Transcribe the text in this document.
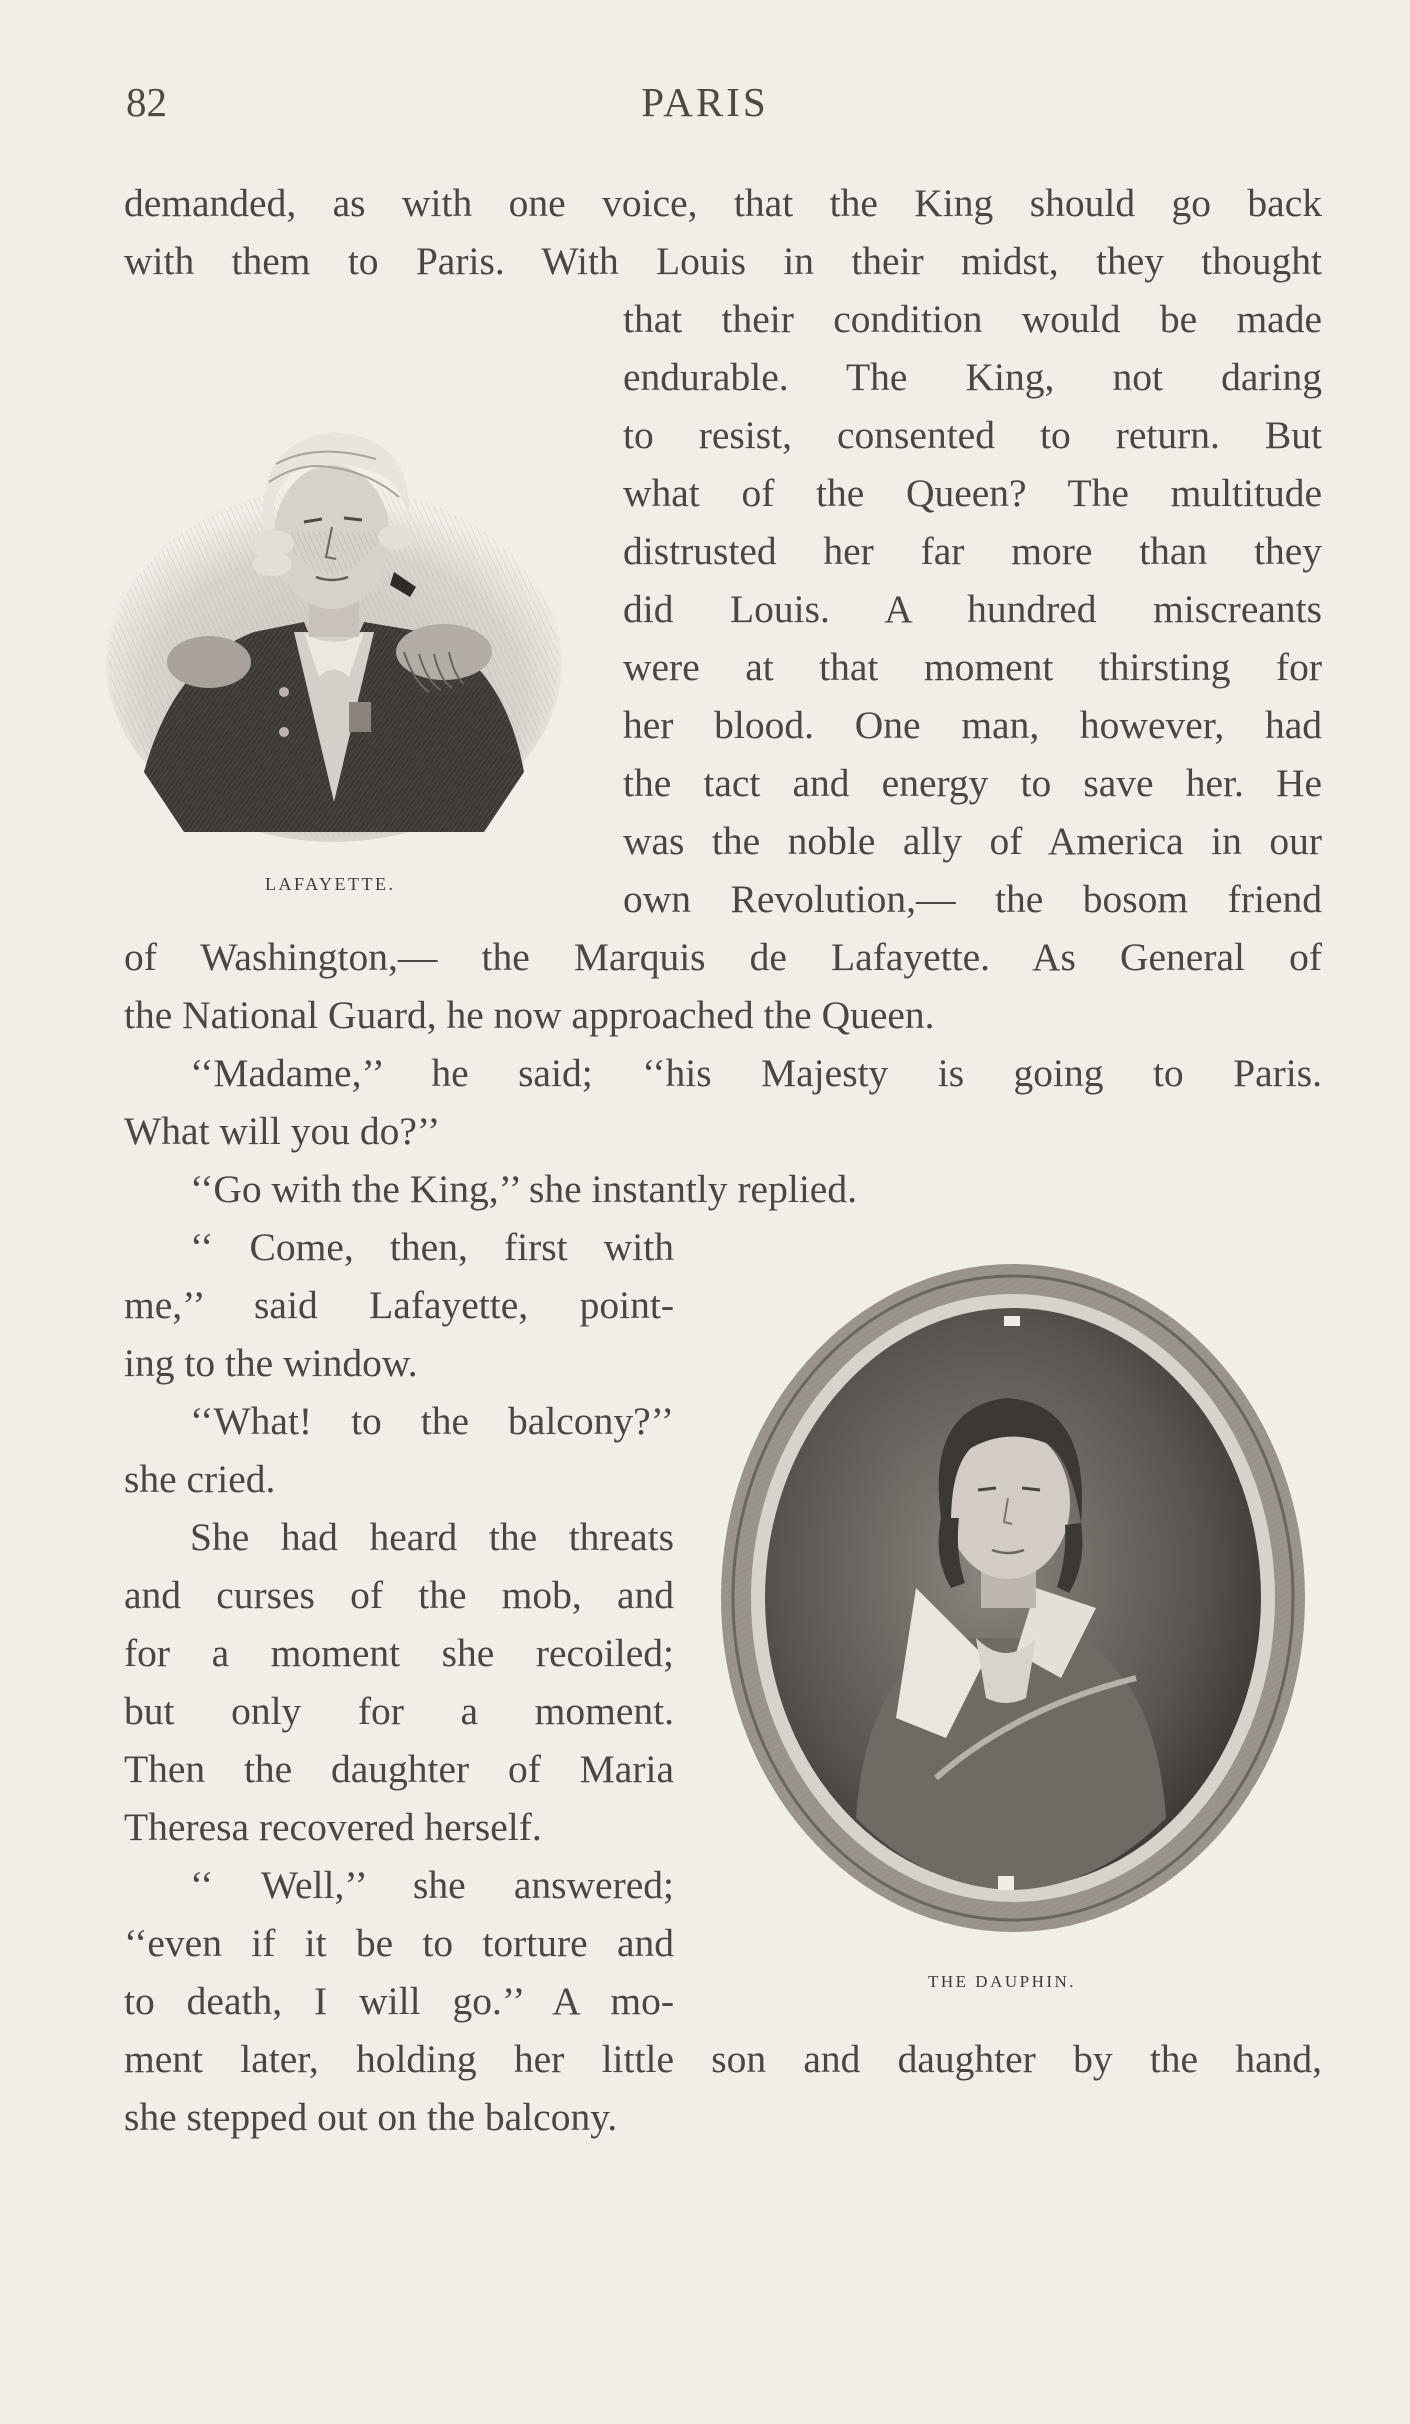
82	PARIS
LAFAYETTE.
THE DAUPHIN.
demanded, as with one voice, that the King should go back
with them to Paris. With Louis in their midst, they thought
that their condition would be made
endurable. The King, not daring
to resist, consented to return. But
what of the Queen? The multitude
distrusted her far more than they
did Louis. A hundred miscreants
were at that moment thirsting for
her blood. One man, however, had
the tact and energy to save her. He
was the noble ally of America in our
own Revolution,— the bosom friend
of Washington,— the Marquis de Lafayette. As General of
the National Guard, he now approached the Queen.
‘‘Madame,’’ he said; ‘‘his Majesty is going to Paris.
What will you do?’’
‘‘Go with the King,’’ she instantly replied.
‘‘ Come, then, first with
me,’’ said Lafayette, point-
ing to the window.
‘‘What! to the balcony?’’
she cried.
She had heard the threats
and curses of the mob, and
for a moment she recoiled;
but only for a moment.
Then the daughter of Maria
Theresa recovered herself.
‘‘ Well,’’ she answered;
‘‘even if it be to torture and
to death, I will go.’’ A mo-
ment later, holding her little son and daughter by the hand,
she stepped out on the balcony.
